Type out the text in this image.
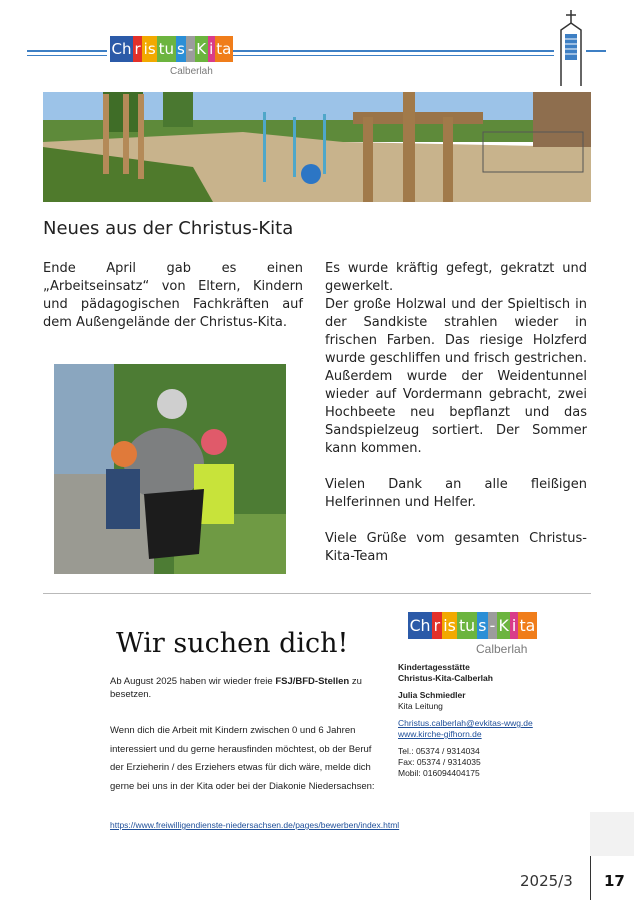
Ch r is tu s - K i ta
Calberlah
Neues aus der Christus-Kita

Ende April gab es einen „Arbeitseinsatz“ von Eltern, Kindern und pädagogischen Fachkräften auf dem Außengelände der Christus-Kita.

Es wurde kräftig gefegt, gekratzt und gewerkelt.

Der große Holzwal und der Spieltisch in der Sandkiste strahlen wieder in frischen Farben. Das riesige Holzferd wurde geschliffen und frisch gestrichen. Außerdem wurde der Weidentunnel wieder auf Vordermann gebracht, zwei Hochbeete neu bepflanzt und das Sandspielzeug sortiert. Der Sommer kann kommen.

Vielen Dank an alle fleißigen Helferinnen und Helfer.

Viele Grüße vom gesamten Christus-Kita-Team

Wir suchen dich!
Ab August 2025 haben wir wieder freie FSJ/BFD-Stellen zu besetzen.
Wenn dich die Arbeit mit Kindern zwischen 0 und 6 Jahren interessiert und du gerne herausfinden möchtest, ob der Beruf der Erzieherin / des Erziehers etwas für dich wäre, melde dich gerne bei uns in der Kita oder bei der Diakonie Niedersachsen:
https://www.freiwilligendienste-niedersachsen.de/pages/bewerben/index.html
Ch r is tu s - K i ta
Calberlah
Kindertagesstätte
Christus-Kita-Calberlah
Julia Schmiedler
Kita Leitung
Christus.calberlah@evkitas-wwg.de
www.kirche-gifhorn.de
Tel.: 05374 / 9314034
Fax: 05374 / 9314035
Mobil: 016094404175
2025/3 17
